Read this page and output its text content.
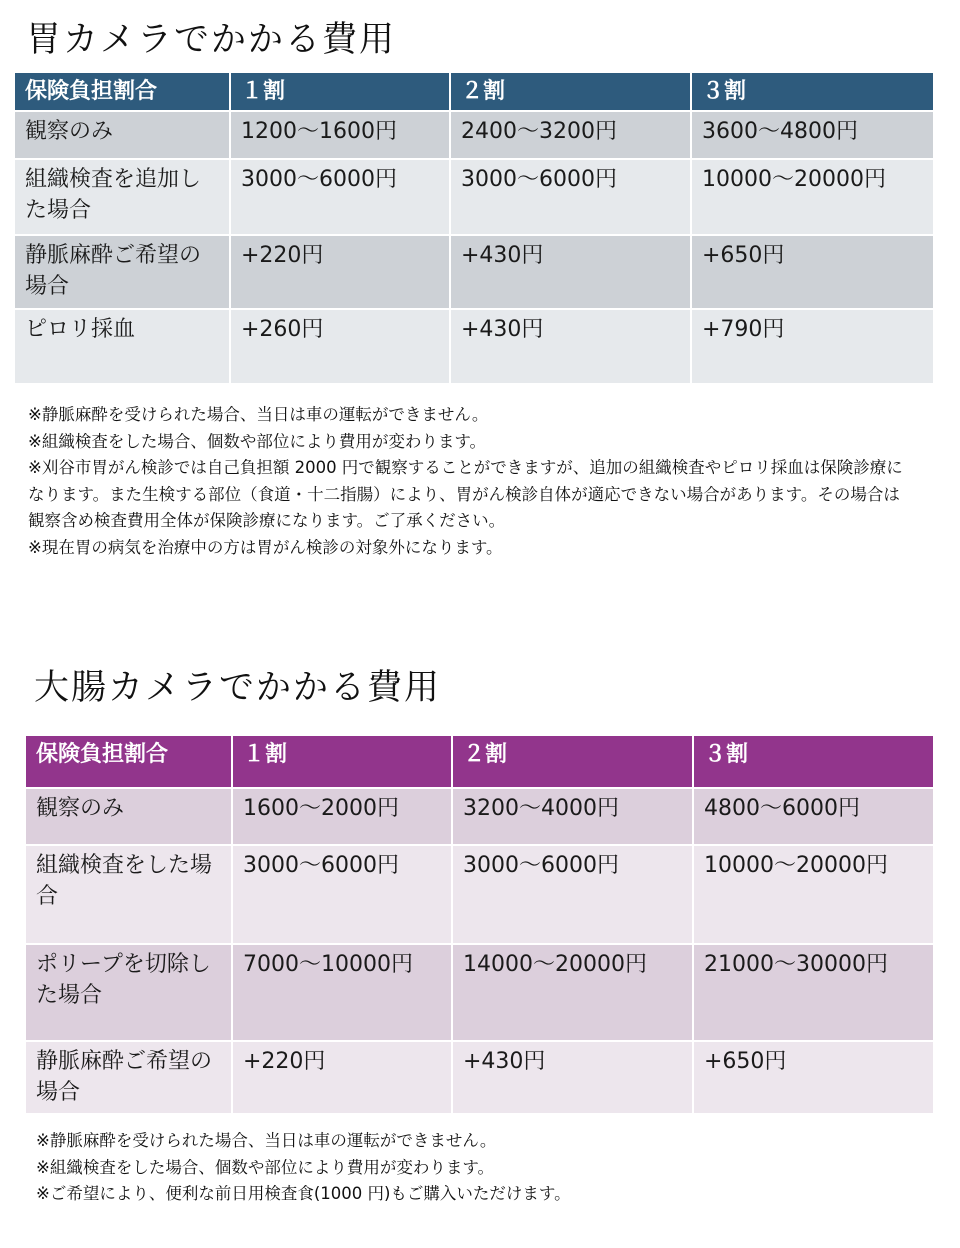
胃カメラでかかる費用
保険負担割合	１割	２割	３割
観察のみ	1200～1600円	2400～3200円	3600～4800円
組織検査を追加した場合	3000～6000円	3000～6000円	10000～20000円
静脈麻酔ご希望の場合	+220円	+430円	+650円
ピロリ採血	+260円	+430円	+790円

※静脈麻酔を受けられた場合、当日は車の運転ができません。

※組織検査をした場合、個数や部位により費用が変わります。

※刈谷市胃がん検診では自己負担額 2000 円で観察することができますが、追加の組織検査やピロリ採血は保険診療になります。また生検する部位（食道・十二指腸）により、胃がん検診自体が適応できない場合があります。その場合は観察含め検査費用全体が保険診療になります。ご了承ください。

※現在胃の病気を治療中の方は胃がん検診の対象外になります。

大腸カメラでかかる費用
保険負担割合	１割	２割	３割
観察のみ	1600～2000円	3200～4000円	4800～6000円
組織検査をした場合	3000～6000円	3000～6000円	10000～20000円
ポリープを切除した場合	7000～10000円	14000～20000円	21000～30000円
静脈麻酔ご希望の場合	+220円	+430円	+650円

※静脈麻酔を受けられた場合、当日は車の運転ができません。

※組織検査をした場合、個数や部位により費用が変わります。

※ご希望により、便利な前日用検査食(1000 円)もご購入いただけます。
